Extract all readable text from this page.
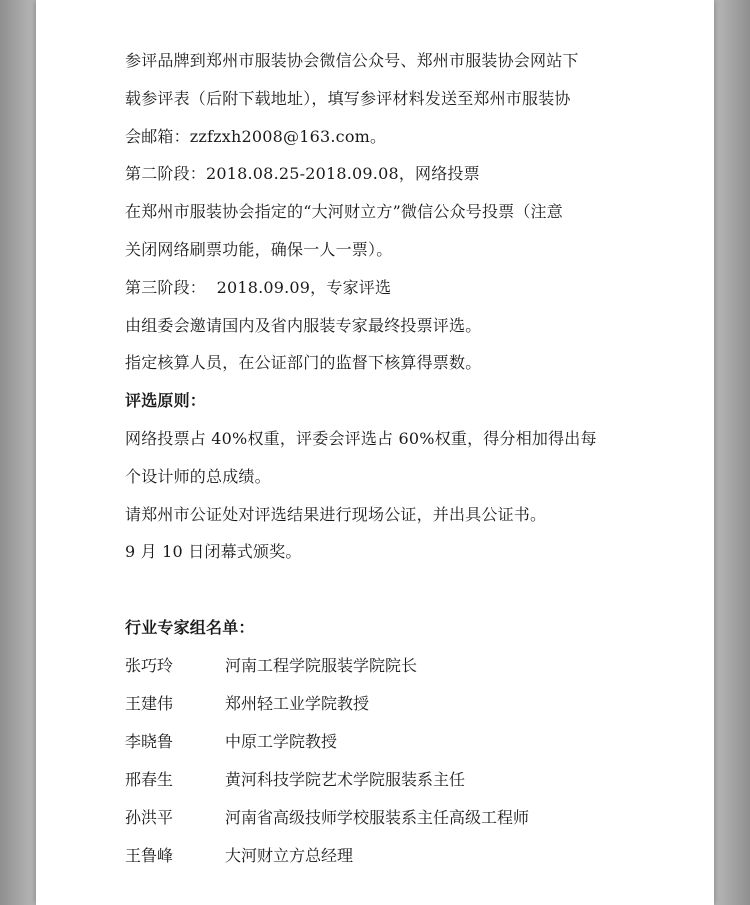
参评品牌到郑州市服装协会微信公众号、郑州市服装协会网站下
载参评表（后附下载地址），填写参评材料发送至郑州市服装协
会邮箱：zzfzxh2008@163.com。
第二阶段：2018.08.25-2018.09.08，网络投票
在郑州市服装协会指定的“大河财立方”微信公众号投票（注意
关闭网络刷票功能，确保一人一票）。
第三阶段：  2018.09.09，专家评选
由组委会邀请国内及省内服装专家最终投票评选。
指定核算人员，在公证部门的监督下核算得票数。
评选原则：
网络投票占 40%权重，评委会评选占 60%权重，得分相加得出每
个设计师的总成绩。
请郑州市公证处对评选结果进行现场公证，并出具公证书。
9 月 10 日闭幕式颁奖。
行业专家组名单：
张巧玲	河南工程学院服装学院院长
王建伟	郑州轻工业学院教授
李晓鲁	中原工学院教授
邢春生	黄河科技学院艺术学院服装系主任
孙洪平	河南省高级技师学校服装系主任高级工程师
王鲁峰	大河财立方总经理
